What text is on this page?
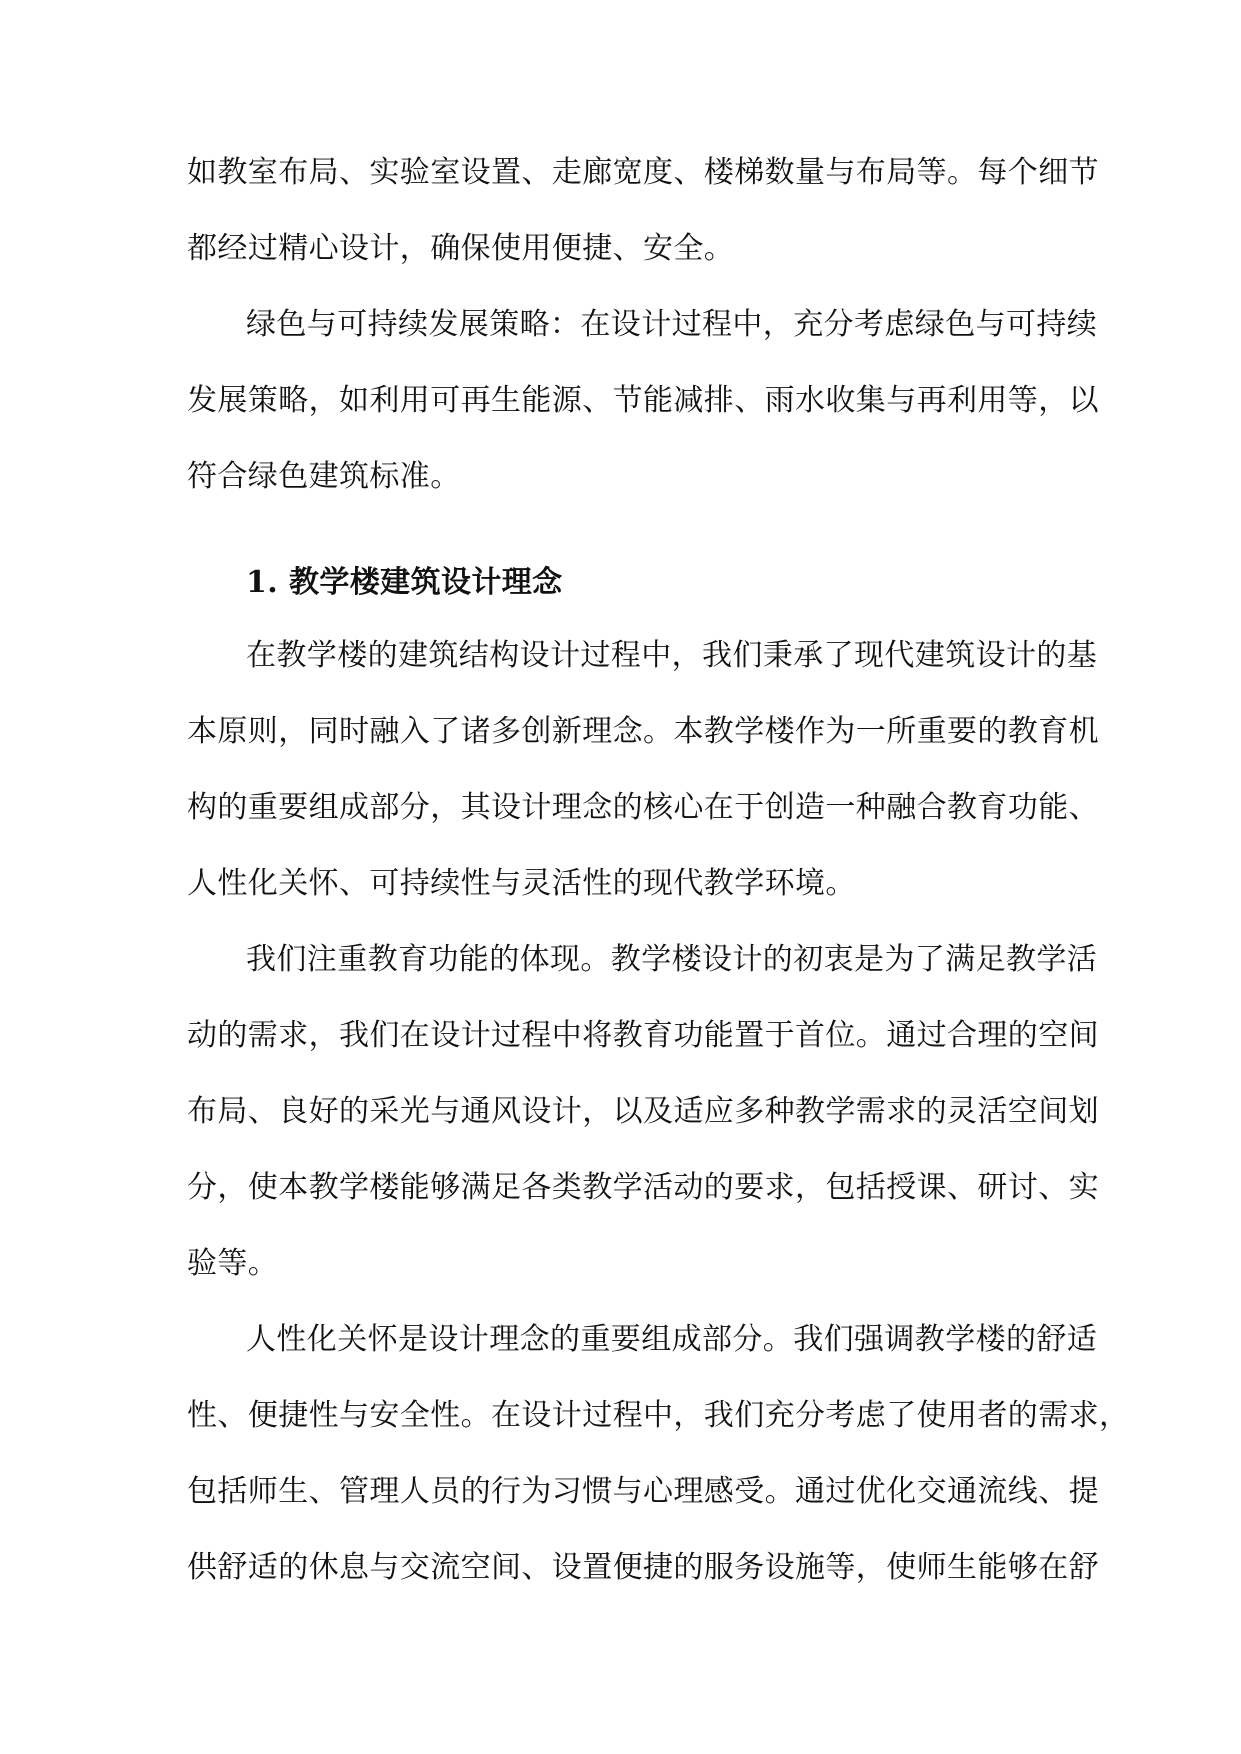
如教室布局、实验室设置、走廊宽度、楼梯数量与布局等。每个细节
都经过精心设计，确保使用便捷、安全。
绿色与可持续发展策略：在设计过程中，充分考虑绿色与可持续
发展策略，如利用可再生能源、节能减排、雨水收集与再利用等，以
符合绿色建筑标准。
1. 教学楼建筑设计理念
在教学楼的建筑结构设计过程中，我们秉承了现代建筑设计的基
本原则，同时融入了诸多创新理念。本教学楼作为一所重要的教育机
构的重要组成部分，其设计理念的核心在于创造一种融合教育功能、
人性化关怀、可持续性与灵活性的现代教学环境。
我们注重教育功能的体现。教学楼设计的初衷是为了满足教学活
动的需求，我们在设计过程中将教育功能置于首位。通过合理的空间
布局、良好的采光与通风设计，以及适应多种教学需求的灵活空间划
分，使本教学楼能够满足各类教学活动的要求，包括授课、研讨、实
验等。
人性化关怀是设计理念的重要组成部分。我们强调教学楼的舒适
性、便捷性与安全性。在设计过程中，我们充分考虑了使用者的需求，
包括师生、管理人员的行为习惯与心理感受。通过优化交通流线、提
供舒适的休息与交流空间、设置便捷的服务设施等，使师生能够在舒
